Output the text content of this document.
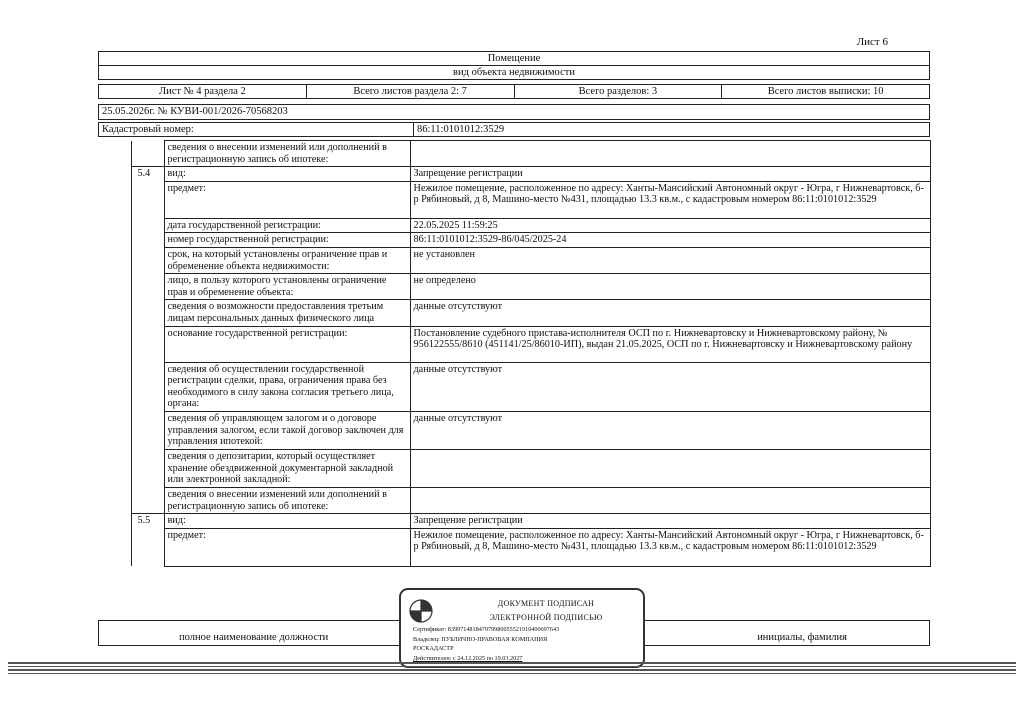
Лист 6
Помещение
вид объекта недвижимости
Лист № 4 раздела 2	Всего листов раздела 2: 7	Всего разделов: 3	Всего листов выписки: 10
25.05.2026г. № КУВИ-001/2026-70568203
Кадастровый номер:	86:11:0101012:3529
		сведения о внесении изменений или дополнений в регистрационную запись об ипотеке:	
	5.4	вид:	Запрещение регистрации
		предмет:	Нежилое помещение, расположенное по адресу: Ханты-Мансийский Автономный округ - Югра, г Нижневартовск, б-р Рябиновый, д 8, Машино-место №431, площадью 13.3 кв.м., с кадастровым номером 86:11:0101012:3529
		дата государственной регистрации:	22.05.2025 11:59:25
		номер государственной регистрации:	86:11:0101012:3529-86/045/2025-24
		срок, на который установлены ограничение прав и обременение объекта недвижимости:	не установлен
		лицо, в пользу которого установлены ограничение прав и обременение объекта:	не определено
		сведения о возможности предоставления третьим лицам персональных данных физического лица	данные отсутствуют
		основание государственной регистрации:	Постановление судебного пристава-исполнителя ОСП по г. Нижневартовску и Нижневартовскому району, № 956122555/8610 (451141/25/86010-ИП), выдан 21.05.2025, ОСП по г. Нижневартовску и Нижневартовскому району
		сведения об осуществлении государственной регистрации сделки, права, ограничения права без необходимого в силу закона согласия третьего лица, органа:	данные отсутствуют
		сведения об управляющем залогом и о договоре управления залогом, если такой договор заключен для управления ипотекой:	данные отсутствуют
		сведения о депозитарии, который осуществляет хранение обездвиженной документарной закладной или электронной закладной:	
		сведения о внесении изменений или дополнений в регистрационную запись об ипотеке:	
	5.5	вид:	Запрещение регистрации
		предмет:	Нежилое помещение, расположенное по адресу: Ханты-Мансийский Автономный округ - Югра, г Нижневартовск, б-р Рябиновый, д 8, Машино-место №431, площадью 13.3 кв.м., с кадастровым номером 86:11:0101012:3529
полное наименование должности	инициалы, фамилия
ДОКУМЕНТ ПОДПИСАН
ЭЛЕКТРОННОЙ ПОДПИСЬЮ
Сертификат: 839971481847979980055521910400697643
Владелец: ПУБЛИЧНО-ПРАВОВАЯ КОМПАНИЯ
РОСКАДАСТР
Действителен: с 24.12.2025 по 19.03.2027
